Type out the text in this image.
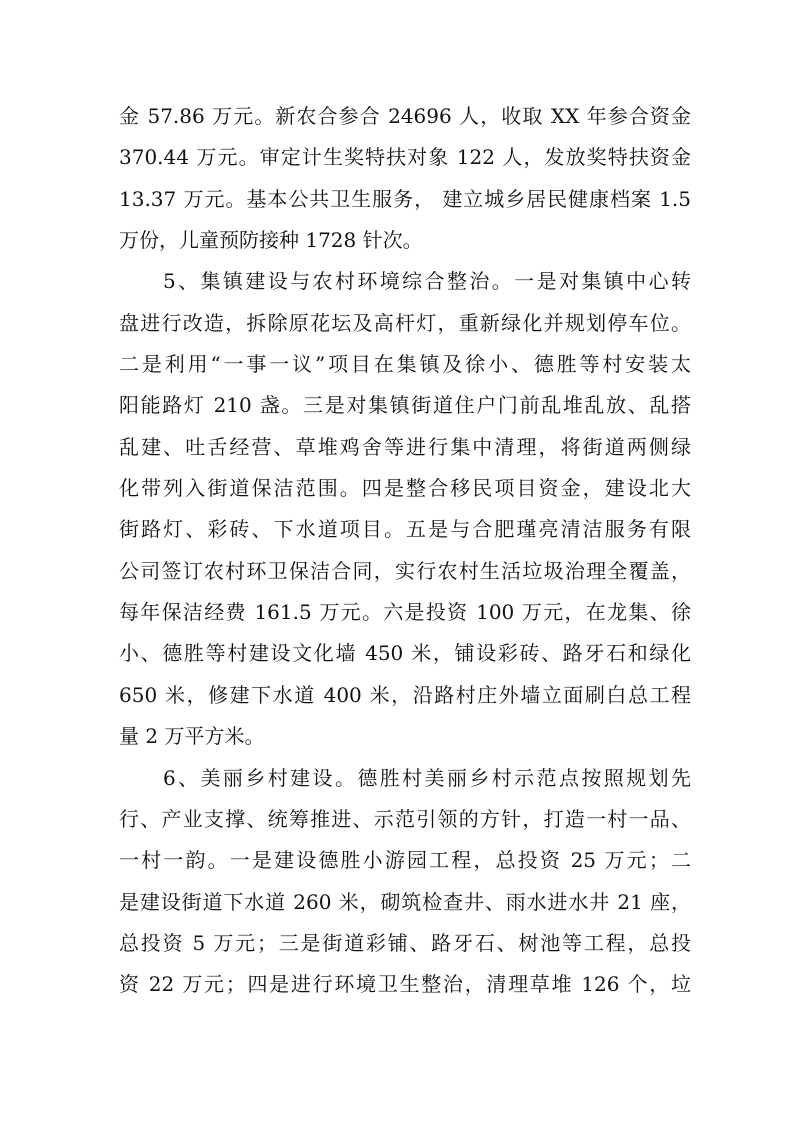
金 57.86 万元。新农合参合 24696 人，收取 XX 年参合资金

370.44 万元。审定计生奖特扶对象 122 人，发放奖特扶资金

13.37 万元。基本公共卫生服务， 建立城乡居民健康档案 1.5

万份，儿童预防接种 1728 针次。

5、集镇建设与农村环境综合整治。一是对集镇中心转

盘进行改造，拆除原花坛及高杆灯，重新绿化并规划停车位。

二是利用“一事一议”项目在集镇及徐小、德胜等村安装太

阳能路灯 210 盏。三是对集镇街道住户门前乱堆乱放、乱搭

乱建、吐舌经营、草堆鸡舍等进行集中清理，将街道两侧绿

化带列入街道保洁范围。四是整合移民项目资金，建设北大

街路灯、彩砖、下水道项目。五是与合肥瑾亮清洁服务有限

公司签订农村环卫保洁合同，实行农村生活垃圾治理全覆盖，

每年保洁经费 161.5 万元。六是投资 100 万元，在龙集、徐

小、德胜等村建设文化墙 450 米，铺设彩砖、路牙石和绿化

650 米，修建下水道 400 米，沿路村庄外墙立面刷白总工程

量 2 万平方米。

6、美丽乡村建设。德胜村美丽乡村示范点按照规划先

行、产业支撑、统筹推进、示范引领的方针，打造一村一品、

一村一韵。一是建设德胜小游园工程，总投资 25 万元；二

是建设街道下水道 260 米，砌筑检查井、雨水进水井 21 座，

总投资 5 万元；三是街道彩铺、路牙石、树池等工程，总投

资 22 万元；四是进行环境卫生整治，清理草堆 126 个，垃
